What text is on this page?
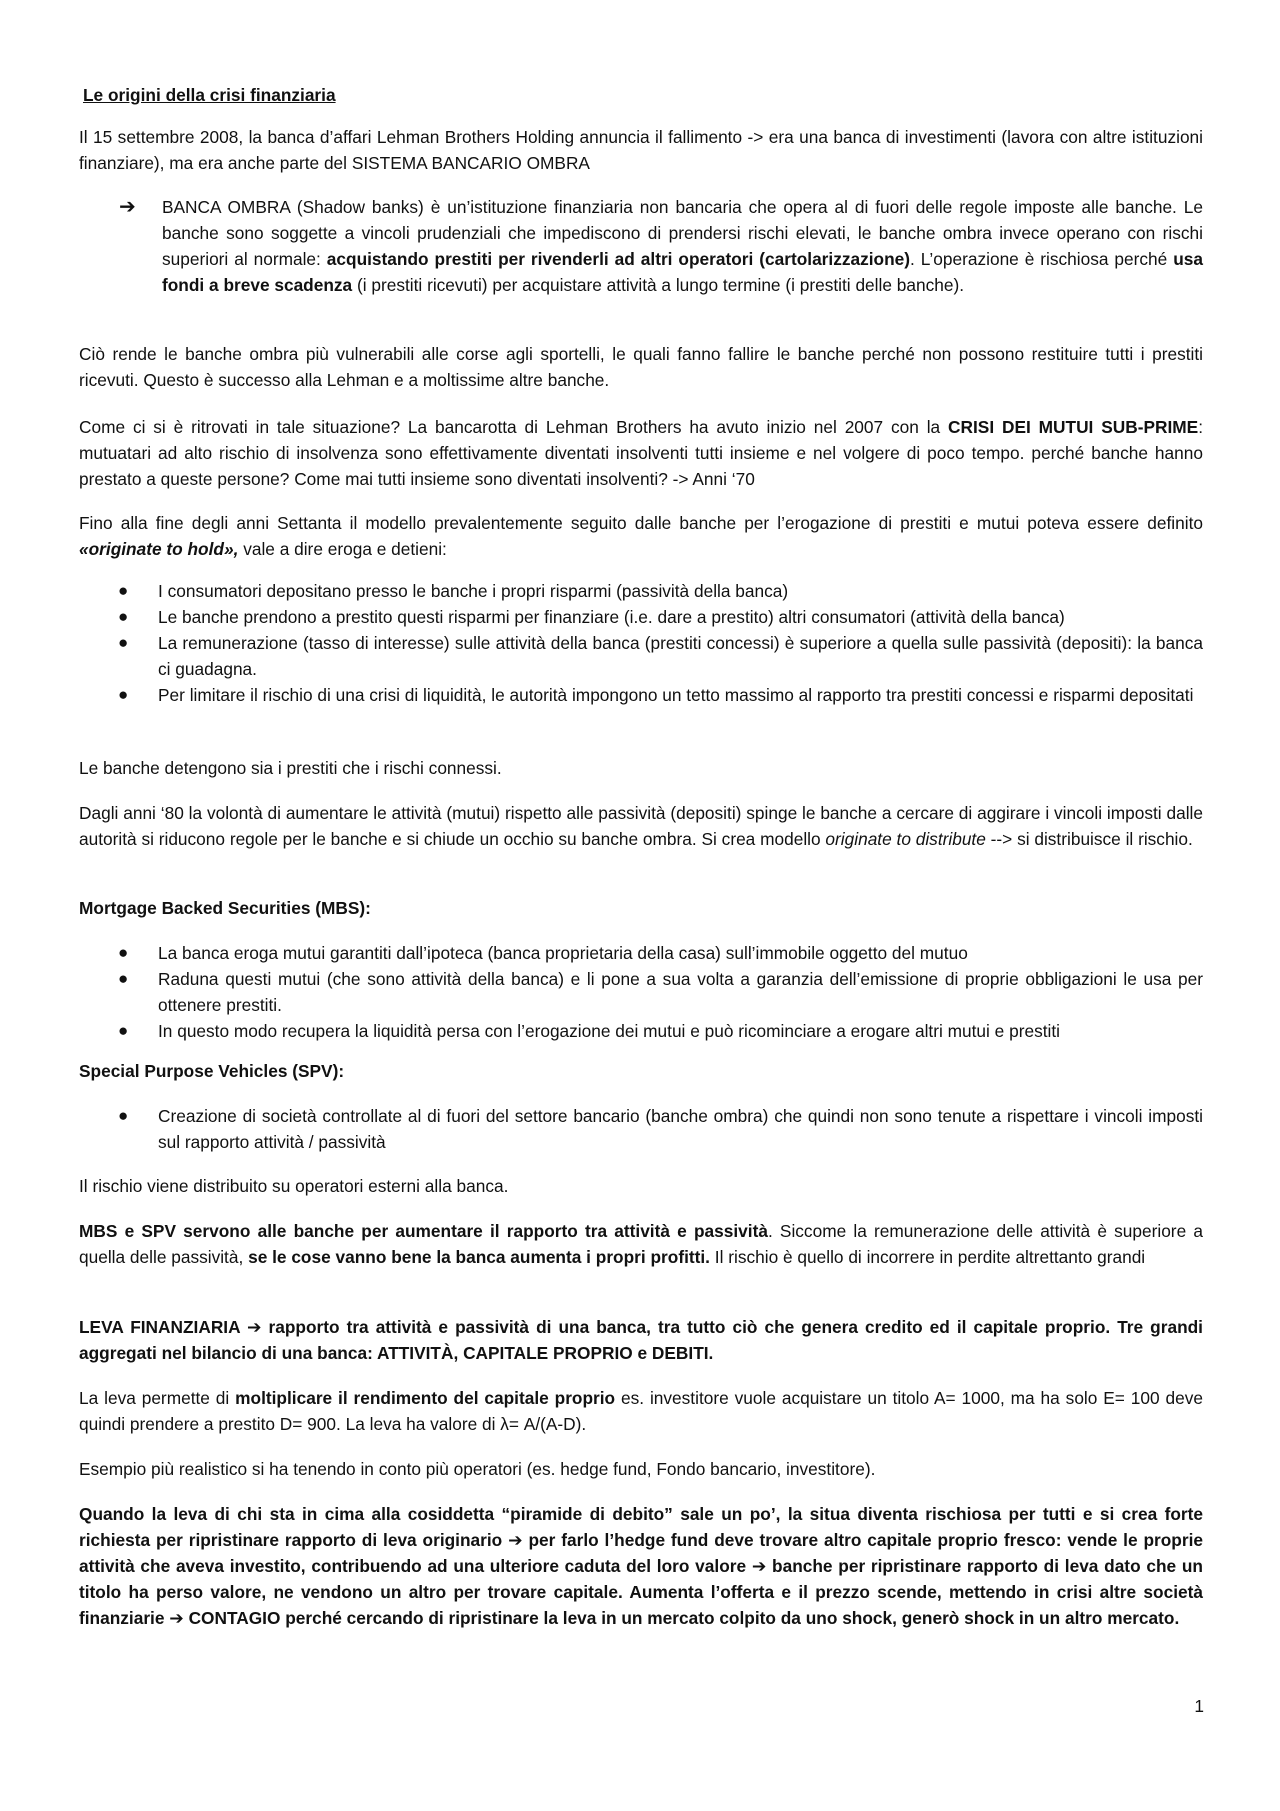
Le origini della crisi finanziaria

Il 15 settembre 2008, la banca d’affari Lehman Brothers Holding annuncia il fallimento -> era una banca di investimenti (lavora con altre istituzioni finanziare), ma era anche parte del SISTEMA BANCARIO OMBRA

➔	BANCA OMBRA (Shadow banks) è un’istituzione finanziaria non bancaria che opera al di fuori delle regole imposte alle banche. Le banche sono soggette a vincoli prudenziali che impediscono di prendersi rischi elevati, le banche ombra invece operano con rischi superiori al normale: acquistando prestiti per rivenderli ad altri operatori (cartolarizzazione). L’operazione è rischiosa perché usa fondi a breve scadenza (i prestiti ricevuti) per acquistare attività a lungo termine (i prestiti delle banche).

Ciò rende le banche ombra più vulnerabili alle corse agli sportelli, le quali fanno fallire le banche perché non possono restituire tutti i prestiti ricevuti. Questo è successo alla Lehman e a moltissime altre banche.

Come ci si è ritrovati in tale situazione? La bancarotta di Lehman Brothers ha avuto inizio nel 2007 con la CRISI DEI MUTUI SUB-PRIME: mutuatari ad alto rischio di insolvenza sono effettivamente diventati insolventi tutti insieme e nel volgere di poco tempo. perché banche hanno prestato a queste persone? Come mai tutti insieme sono diventati insolventi? -> Anni ‘70

Fino alla fine degli anni Settanta il modello prevalentemente seguito dalle banche per l’erogazione di prestiti e mutui poteva essere definito «originate to hold», vale a dire eroga e detieni:

●	I consumatori depositano presso le banche i propri risparmi (passività della banca)
●	Le banche prendono a prestito questi risparmi per finanziare (i.e. dare a prestito) altri consumatori (attività della banca)
●	La remunerazione (tasso di interesse) sulle attività della banca (prestiti concessi) è superiore a quella sulle passività (depositi): la banca ci guadagna.
●	Per limitare il rischio di una crisi di liquidità, le autorità impongono un tetto massimo al rapporto tra prestiti concessi e risparmi depositati

Le banche detengono sia i prestiti che i rischi connessi.

Dagli anni ‘80 la volontà di aumentare le attività (mutui) rispetto alle passività (depositi) spinge le banche a cercare di aggirare i vincoli imposti dalle autorità si riducono regole per le banche e si chiude un occhio su banche ombra. Si crea modello originate to distribute --> si distribuisce il rischio.

Mortgage Backed Securities (MBS):

●	La banca eroga mutui garantiti dall’ipoteca (banca proprietaria della casa) sull’immobile oggetto del mutuo
●	Raduna questi mutui (che sono attività della banca) e li pone a sua volta a garanzia dell’emissione di proprie obbligazioni le usa per ottenere prestiti.
●	In questo modo recupera la liquidità persa con l’erogazione dei mutui e può ricominciare a erogare altri mutui e prestiti

Special Purpose Vehicles (SPV):

●	Creazione di società controllate al di fuori del settore bancario (banche ombra) che quindi non sono tenute a rispettare i vincoli imposti sul rapporto attività / passività

Il rischio viene distribuito su operatori esterni alla banca.

MBS e SPV servono alle banche per aumentare il rapporto tra attività e passività. Siccome la remunerazione delle attività è superiore a quella delle passività, se le cose vanno bene la banca aumenta i propri profitti. Il rischio è quello di incorrere in perdite altrettanto grandi

LEVA FINANZIARIA ➔ rapporto tra attività e passività di una banca, tra tutto ciò che genera credito ed il capitale proprio. Tre grandi aggregati nel bilancio di una banca: ATTIVITÀ, CAPITALE PROPRIO e DEBITI.

La leva permette di moltiplicare il rendimento del capitale proprio es. investitore vuole acquistare un titolo A= 1000, ma ha solo E= 100 deve quindi prendere a prestito D= 900. La leva ha valore di λ= A/(A-D).

Esempio più realistico si ha tenendo in conto più operatori (es. hedge fund, Fondo bancario, investitore).

Quando la leva di chi sta in cima alla cosiddetta “piramide di debito” sale un po’, la situa diventa rischiosa per tutti e si crea forte richiesta per ripristinare rapporto di leva originario ➔ per farlo l’hedge fund deve trovare altro capitale proprio fresco: vende le proprie attività che aveva investito, contribuendo ad una ulteriore caduta del loro valore ➔ banche per ripristinare rapporto di leva dato che un titolo ha perso valore, ne vendono un altro per trovare capitale. Aumenta l’offerta e il prezzo scende, mettendo in crisi altre società finanziarie ➔ CONTAGIO perché cercando di ripristinare la leva in un mercato colpito da uno shock, generò shock in un altro mercato.

1
